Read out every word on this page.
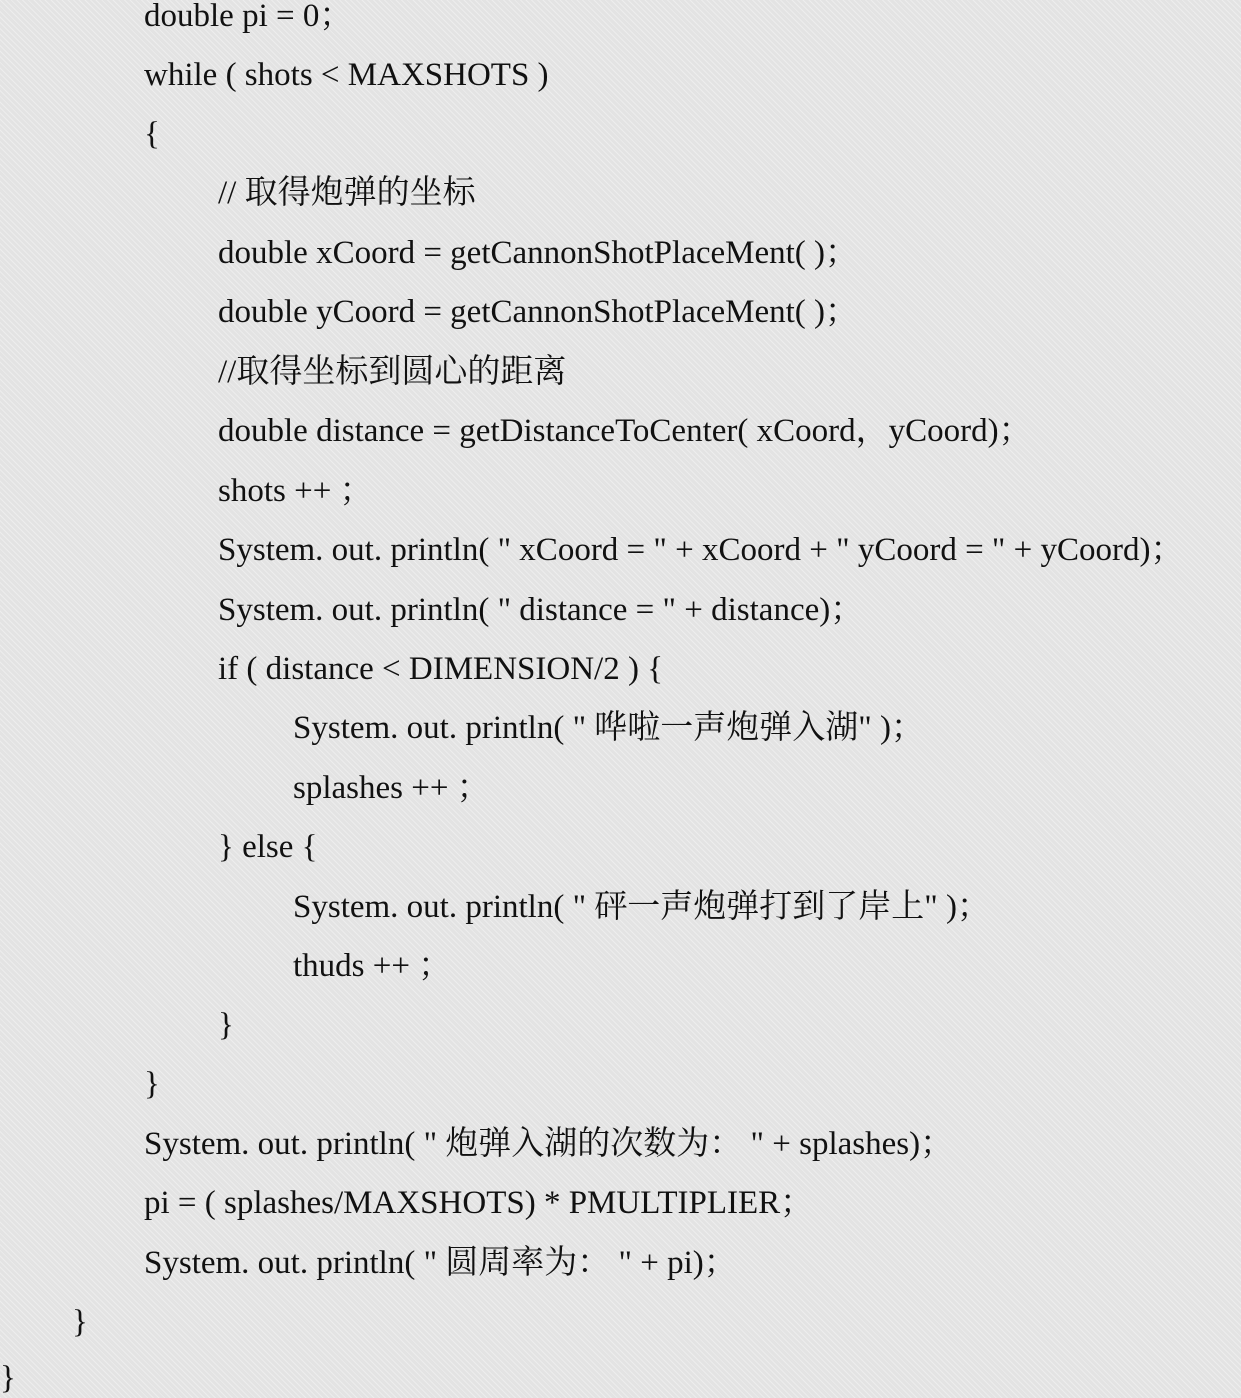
double pi = 0；
while ( shots < MAXSHOTS )
{
// 取得炮弹的坐标
double xCoord = getCannonShotPlaceMent( )；
double yCoord = getCannonShotPlaceMent( )；
//取得坐标到圆心的距离
double distance = getDistanceToCenter( xCoord，yCoord)；
shots ++ ；
System. out. println( " xCoord = " + xCoord + " yCoord = " + yCoord)；
System. out. println( " distance = " + distance)；
if ( distance < DIMENSION/2 ) {
System. out. println( " 哗啦一声炮弹入湖" )；
splashes ++ ；
} else {
System. out. println( " 砰一声炮弹打到了岸上" )；
thuds ++ ；
}
}
System. out. println( " 炮弹入湖的次数为： " + splashes)；
pi = ( splashes/MAXSHOTS) * PMULTIPLIER；
System. out. println( " 圆周率为： " + pi)；
}
}
